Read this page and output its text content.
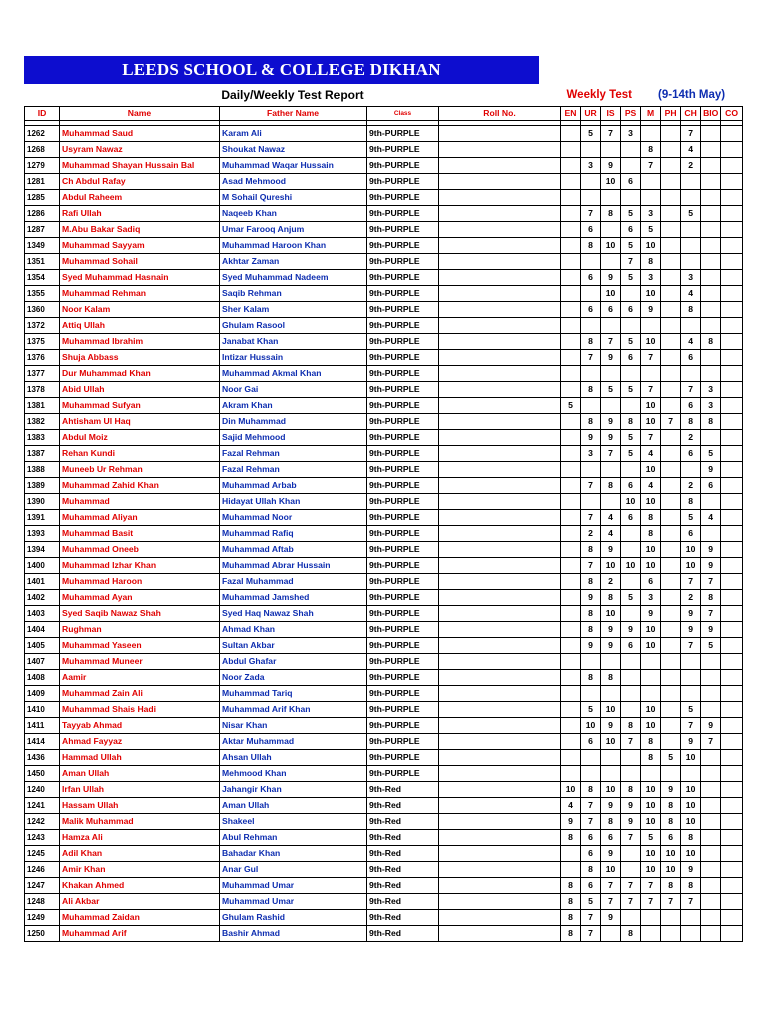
LEEDS SCHOOL & COLLEGE DIKHAN
Daily/Weekly Test Report					Weekly Test				(9-14th May)				
ID	Name	Father Name	Class	Roll No.	EN	UR	IS	PS	M	PH	CH	BIO	CO

1262	Muhammad Saud	Karam Ali	9th-PURPLE			5	7	3			7		
1268	Usyram Nawaz	Shoukat Nawaz	9th-PURPLE						8		4		
1279	Muhammad Shayan Hussain Bal	Muhammad Waqar Hussain	9th-PURPLE			3	9		7		2		
1281	Ch Abdul Rafay	Asad Mehmood	9th-PURPLE				10	6					
1285	Abdul Raheem	M Sohail Qureshi	9th-PURPLE										
1286	Rafi Ullah	Naqeeb Khan	9th-PURPLE			7	8	5	3		5		
1287	M.Abu Bakar Sadiq	Umar Farooq Anjum	9th-PURPLE			6		6	5				
1349	Muhammad Sayyam	Muhammad Haroon Khan	9th-PURPLE			8	10	5	10				
1351	Muhammad Sohail	Akhtar Zaman	9th-PURPLE					7	8				
1354	Syed Muhammad Hasnain	Syed Muhammad Nadeem	9th-PURPLE			6	9	5	3		3		
1355	Muhammad Rehman	Saqib Rehman	9th-PURPLE				10		10		4		
1360	Noor Kalam	Sher Kalam	9th-PURPLE			6	6	6	9		8		
1372	Attiq Ullah	Ghulam Rasool	9th-PURPLE										
1375	Muhammad Ibrahim	Janabat Khan	9th-PURPLE			8	7	5	10		4	8	
1376	Shuja Abbass	Intizar Hussain	9th-PURPLE			7	9	6	7		6		
1377	Dur Muhammad Khan	Muhammad Akmal Khan	9th-PURPLE										
1378	Abid Ullah	Noor Gai	9th-PURPLE			8	5	5	7		7	3	
1381	Muhammad Sufyan	Akram Khan	9th-PURPLE		5				10		6	3	
1382	Ahtisham Ul Haq	Din Muhammad	9th-PURPLE			8	9	8	10	7	8	8	
1383	Abdul Moiz	Sajid Mehmood	9th-PURPLE			9	9	5	7		2		
1387	Rehan Kundi	Fazal Rehman	9th-PURPLE			3	7	5	4		6	5	
1388	Muneeb Ur Rehman	Fazal Rehman	9th-PURPLE						10			9	
1389	Muhammad Zahid Khan	Muhammad Arbab	9th-PURPLE			7	8	6	4		2	6	
1390	Muhammad	Hidayat Ullah Khan	9th-PURPLE					10	10		8		
1391	Muhammad Aliyan	Muhammad Noor	9th-PURPLE			7	4	6	8		5	4	
1393	Muhammad Basit	Muhammad Rafiq	9th-PURPLE			2	4		8		6		
1394	Muhammad Oneeb	Muhammad Aftab	9th-PURPLE			8	9		10		10	9	
1400	Muhammad Izhar Khan	Muhammad Abrar Hussain	9th-PURPLE			7	10	10	10		10	9	
1401	Muhammad Haroon	Fazal Muhammad	9th-PURPLE			8	2		6		7	7	
1402	Muhammad Ayan	Muhammad Jamshed	9th-PURPLE			9	8	5	3		2	8	
1403	Syed Saqib Nawaz Shah	Syed Haq Nawaz Shah	9th-PURPLE			8	10		9		9	7	
1404	Rughman	Ahmad Khan	9th-PURPLE			8	9	9	10		9	9	
1405	Muhammad Yaseen	Sultan Akbar	9th-PURPLE			9	9	6	10		7	5	
1407	Muhammad Muneer	Abdul Ghafar	9th-PURPLE										
1408	Aamir	Noor Zada	9th-PURPLE			8	8						
1409	Muhammad Zain Ali	Muhammad Tariq	9th-PURPLE										
1410	Muhammad Shais Hadi	Muhammad Arif Khan	9th-PURPLE			5	10		10		5		
1411	Tayyab Ahmad	Nisar Khan	9th-PURPLE			10	9	8	10		7	9	
1414	Ahmad Fayyaz	Aktar Muhammad	9th-PURPLE			6	10	7	8		9	7	
1436	Hammad Ullah	Ahsan Ullah	9th-PURPLE						8	5	10		
1450	Aman Ullah	Mehmood Khan	9th-PURPLE										
1240	Irfan Ullah	Jahangir Khan	9th-Red		10	8	10	8	10	9	10		
1241	Hassam Ullah	Aman Ullah	9th-Red		4	7	9	9	10	8	10		
1242	Malik Muhammad	Shakeel	9th-Red		9	7	8	9	10	8	10		
1243	Hamza Ali	Abul Rehman	9th-Red		8	6	6	7	5	6	8		
1245	Adil Khan	Bahadar Khan	9th-Red			6	9		10	10	10		
1246	Amir Khan	Anar Gul	9th-Red			8	10		10	10	9		
1247	Khakan Ahmed	Muhammad Umar	9th-Red		8	6	7	7	7	8	8		
1248	Ali Akbar	Muhammad Umar	9th-Red		8	5	7	7	7	7	7		
1249	Muhammad Zaidan	Ghulam Rashid	9th-Red		8	7	9						
1250	Muhammad Arif	Bashir Ahmad	9th-Red		8	7		8					
